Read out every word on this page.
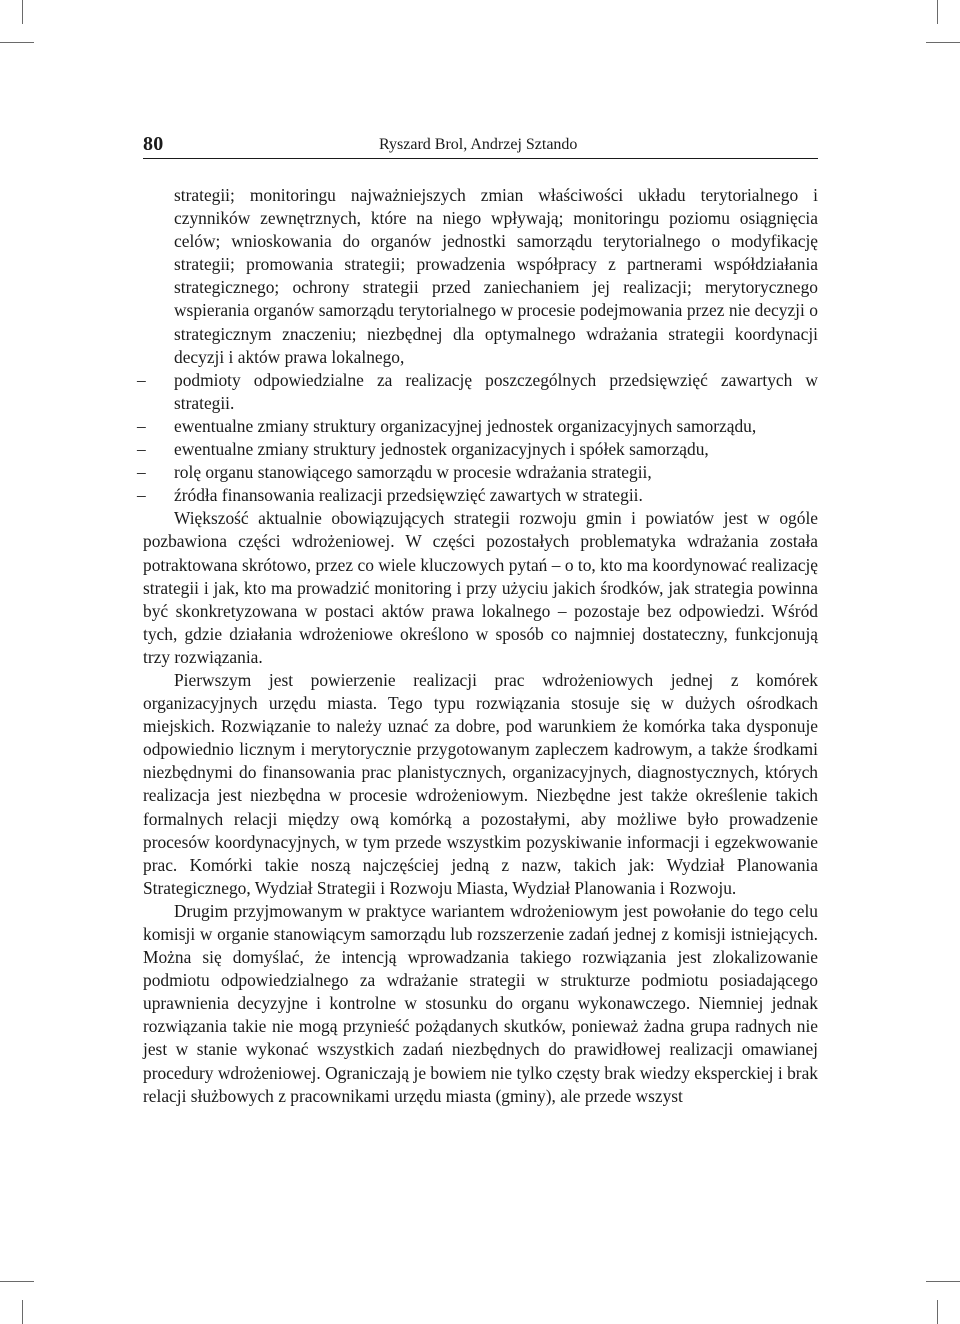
80	Ryszard Brol, Andrzej Sztando

strategii; monitoringu najważniejszych zmian właściwości układu terytorialnego i czynników zewnętrznych, które na niego wpływają; monitoringu poziomu osiągnięcia celów; wnioskowania do organów jednostki samorządu terytorialnego o modyfikację strategii; promowania strategii; prowadzenia współpracy z partnerami współdziałania strategicznego; ochrony strategii przed zaniechaniem jej realizacji; merytorycznego wspierania organów samorządu terytorialnego w procesie podejmowania przez nie decyzji o strategicznym znaczeniu; niezbędnej dla optymalnego wdrażania strategii koordynacji decyzji i aktów prawa lokalnego,

– podmioty odpowiedzialne za realizację poszczególnych przedsięwzięć zawartych w strategii.

– ewentualne zmiany struktury organizacyjnej jednostek organizacyjnych samorządu,

– ewentualne zmiany struktury jednostek organizacyjnych i spółek samorządu,

– rolę organu stanowiącego samorządu w procesie wdrażania strategii,

– źródła finansowania realizacji przedsięwzięć zawartych w strategii.

Większość aktualnie obowiązujących strategii rozwoju gmin i powiatów jest w ogóle pozbawiona części wdrożeniowej. W części pozostałych problematyka wdrażania została potraktowana skrótowo, przez co wiele kluczowych pytań – o to, kto ma koordynować realizację strategii i jak, kto ma prowadzić monitoring i przy użyciu jakich środków, jak strategia powinna być skonkretyzowana w postaci aktów prawa lokalnego – pozostaje bez odpowiedzi. Wśród tych, gdzie działania wdrożeniowe określono w sposób co najmniej dostateczny, funkcjonują trzy rozwiązania.

Pierwszym jest powierzenie realizacji prac wdrożeniowych jednej z komórek organizacyjnych urzędu miasta. Tego typu rozwiązania stosuje się w dużych ośrodkach miejskich. Rozwiązanie to należy uznać za dobre, pod warunkiem że komórka taka dysponuje odpowiednio licznym i merytorycznie przygotowanym zapleczem kadrowym, a także środkami niezbędnymi do finansowania prac planistycznych, organizacyjnych, diagnostycznych, których realizacja jest niezbędna w procesie wdrożeniowym. Niezbędne jest także określenie takich formalnych relacji między ową komórką a pozostałymi, aby możliwe było prowadzenie procesów koordynacyjnych, w tym przede wszystkim pozyskiwanie informacji i egzekwowanie prac. Komórki takie noszą najczęściej jedną z nazw, takich jak: Wydział Planowania Strategicznego, Wydział Strategii i Rozwoju Miasta, Wydział Planowania i Rozwoju.

Drugim przyjmowanym w praktyce wariantem wdrożeniowym jest powołanie do tego celu komisji w organie stanowiącym samorządu lub rozszerzenie zadań jednej z komisji istniejących. Można się domyślać, że intencją wprowadzania takiego rozwiązania jest zlokalizowanie podmiotu odpowiedzialnego za wdrażanie strategii w strukturze podmiotu posiadającego uprawnienia decyzyjne i kontrolne w stosunku do organu wykonawczego. Niemniej jednak rozwiązania takie nie mogą przynieść pożądanych skutków, ponieważ żadna grupa radnych nie jest w stanie wykonać wszystkich zadań niezbędnych do prawidłowej realizacji omawianej procedury wdrożeniowej. Ograniczają je bowiem nie tylko częsty brak wiedzy eksperckiej i brak relacji służbowych z pracownikami urzędu miasta (gminy), ale przede wszyst
